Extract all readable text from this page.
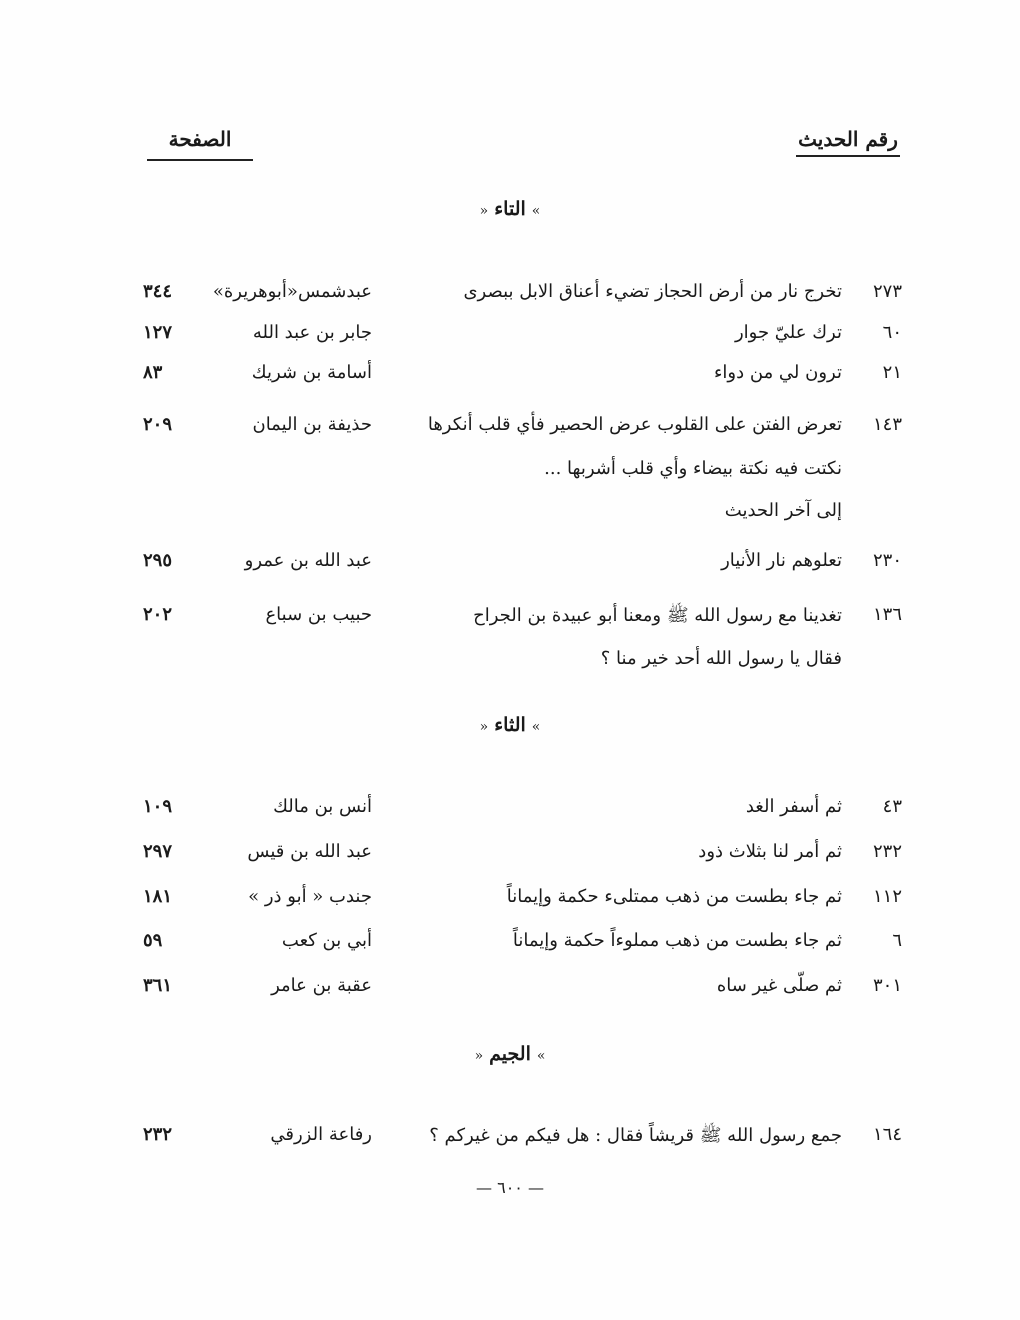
رقم الحديث
الصفحة
» التاء «
٢٧٣
تخرج نار من أرض الحجاز تضيء أعناق الابل ببصرى
عبدشمس«أبوهريرة»
٣٤٤
٦٠
ترك عليّ جوار
جابر بن عبد الله
١٢٧
٢١
ترون لي من دواء
أسامة بن شريك
٨٣
١٤٣
تعرض الفتن على القلوب عرض الحصير فأي قلب أنكرها
حذيفة بن اليمان
٢٠٩
نكتت فيه نكتة بيضاء وأي قلب أشربها ...
إلى آخر الحديث
٢٣٠
تعلوهم نار الأنيار
عبد الله بن عمرو
٢٩٥
١٣٦
تغدينا مع رسول الله ﷺ ومعنا أبو عبيدة بن الجراح
حبيب بن سباع
٢٠٢
فقال يا رسول الله أحد خير منا ؟
» الثاء «
٤٣
ثم أسفر الغد
أنس بن مالك
١٠٩
٢٣٢
ثم أمر لنا بثلاث ذود
عبد الله بن قيس
٢٩٧
١١٢
ثم جاء بطست من ذهب ممتلىء حكمة وإيماناً
جندب « أبو ذر »
١٨١
٦
ثم جاء بطست من ذهب مملوءاً حكمة وإيماناً
أبي بن كعب
٥٩
٣٠١
ثم صلّى غير ساه
عقبة بن عامر
٣٦١
» الجيم «
١٦٤
جمع رسول الله ﷺ قريشاً فقال : هل فيكم من غيركم ؟
رفاعة الزرقي
٢٣٢
— ٦٠٠ —
